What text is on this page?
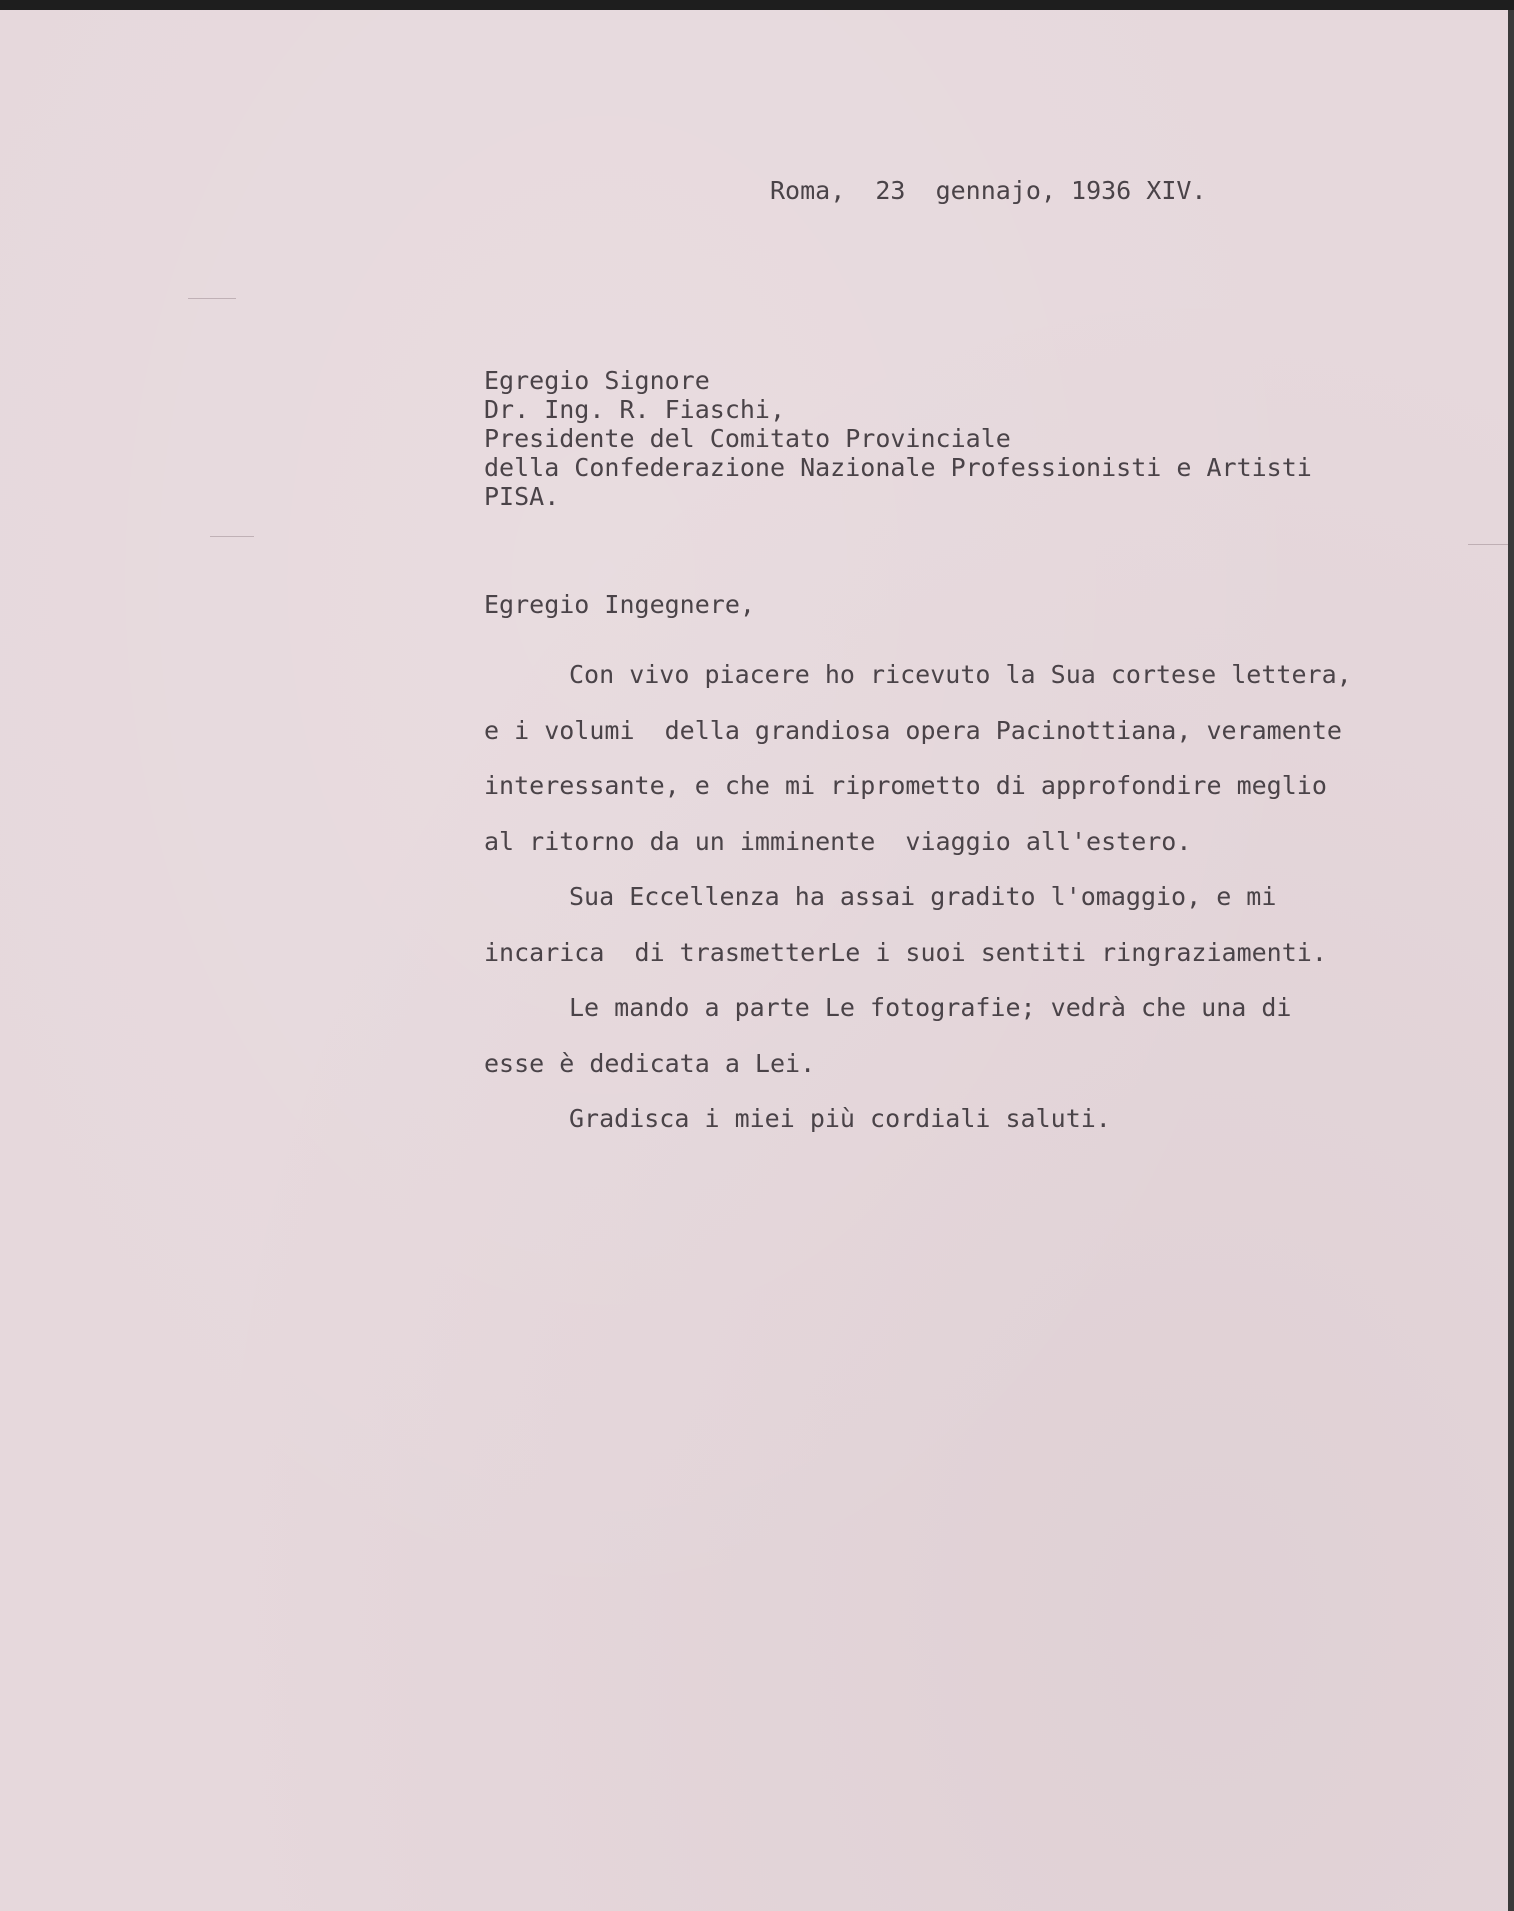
Roma,  23  gennajo, 1936 XIV.
Egregio Signore
Dr. Ing. R. Fiaschi,
Presidente del Comitato Provinciale
della Confederazione Nazionale Professionisti e Artisti
PISA.
Egregio Ingegnere,
Con vivo piacere ho ricevuto la Sua cortese lettera,
e i volumi  della grandiosa opera Pacinottiana, veramente
interessante, e che mi riprometto di approfondire meglio
al ritorno da un imminente  viaggio all'estero.
Sua Eccellenza ha assai gradito l'omaggio, e mi
incarica  di trasmetterLe i suoi sentiti ringraziamenti.
Le mando a parte Le fotografie; vedrà che una di
esse è dedicata a Lei.
Gradisca i miei più cordiali saluti.
